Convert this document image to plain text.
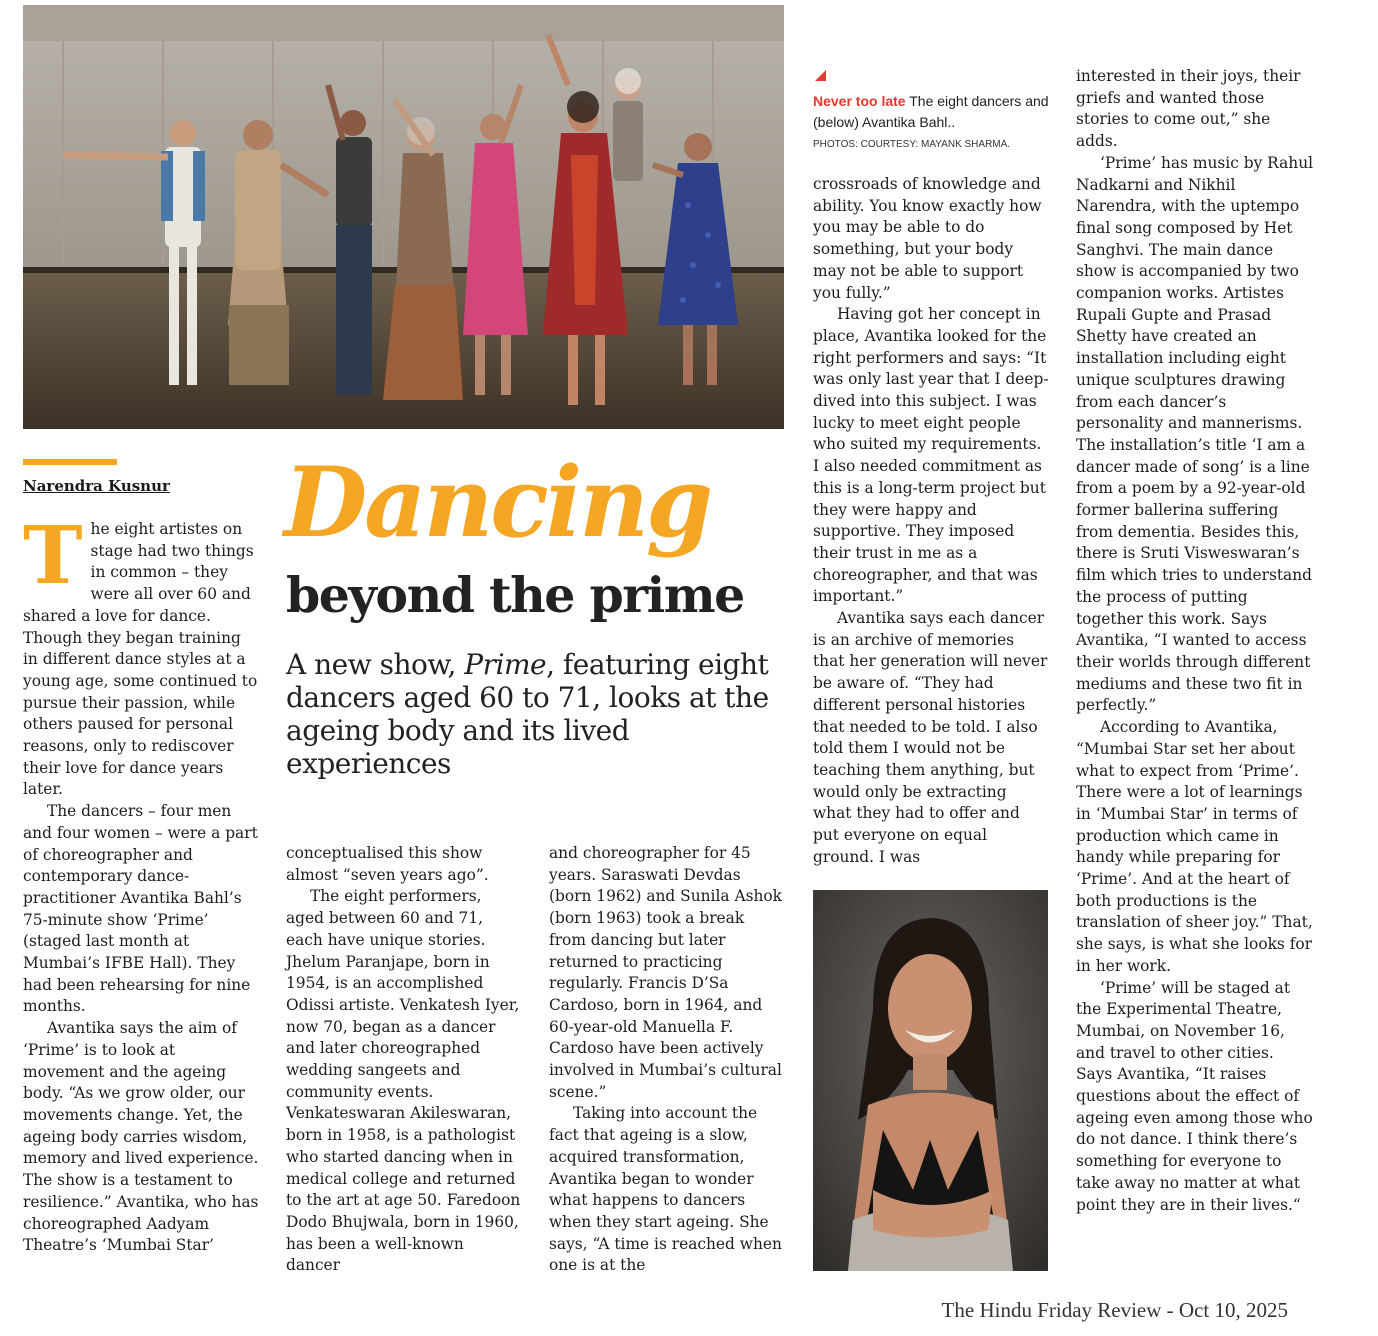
Never too late The eight dancers and (below) Avantika Bahl..
PHOTOS: COURTESY: MAYANK SHARMA.
Narendra Kusnur Dancing
beyond the prime
A new show, Prime, featuring eight dancers aged 60 to 71, looks at the ageing body and its lived experiences

The eight artistes on stage had two things in common – they were all over 60 and shared a love for dance. Though they began training in different dance styles at a young age, some continued to pursue their passion, while others paused for personal reasons, only to rediscover their love for dance years later.

The dancers – four men and four women – were a part of choreographer and contemporary dance-practitioner Avantika Bahl’s 75-minute show ‘Prime’ (staged last month at Mumbai’s IFBE Hall). They had been rehearsing for nine months.

Avantika says the aim of ‘Prime’ is to look at movement and the ageing body. “As we grow older, our movements change. Yet, the ageing body carries wisdom, memory and lived experience. The show is a testament to resilience.” Avantika, who has choreographed Aadyam Theatre’s ‘Mumbai Star’

conceptualised this show almost “seven years ago”.

The eight performers, aged between 60 and 71, each have unique stories. Jhelum Paranjape, born in 1954, is an accomplished Odissi artiste. Venkatesh Iyer, now 70, began as a dancer and later choreographed wedding sangeets and community events. Venkateswaran Akileswaran, born in 1958, is a pathologist who started dancing when in medical college and returned to the art at age 50. Faredoon Dodo Bhujwala, born in 1960, has been a well-known dancer

and choreographer for 45 years. Saraswati Devdas (born 1962) and Sunila Ashok (born 1963) took a break from dancing but later returned to practicing regularly. Francis D’Sa Cardoso, born in 1964, and 60-year-old Manuella F. Cardoso have been actively involved in Mumbai’s cultural scene.”

Taking into account the fact that ageing is a slow, acquired transformation, Avantika began to wonder what happens to dancers when they start ageing. She says, “A time is reached when one is at the

crossroads of knowledge and ability. You know exactly how you may be able to do something, but your body may not be able to support you fully.”

Having got her concept in place, Avantika looked for the right performers and says: “It was only last year that I deep-dived into this subject. I was lucky to meet eight people who suited my requirements. I also needed commitment as this is a long-term project but they were happy and supportive. They imposed their trust in me as a choreographer, and that was important.”

Avantika says each dancer is an archive of memories that her generation will never be aware of. “They had different personal histories that needed to be told. I also told them I would not be teaching them anything, but would only be extracting what they had to offer and put everyone on equal ground. I was

interested in their joys, their griefs and wanted those stories to come out,” she adds.

‘Prime’ has music by Rahul Nadkarni and Nikhil Narendra, with the uptempo final song composed by Het Sanghvi. The main dance show is accompanied by two companion works. Artistes Rupali Gupte and Prasad Shetty have created an installation including eight unique sculptures drawing from each dancer’s personality and mannerisms. The installation’s title ‘I am a dancer made of song’ is a line from a poem by a 92-year-old former ballerina suffering from dementia. Besides this, there is Sruti Visweswaran’s film which tries to understand the process of putting together this work. Says Avantika, “I wanted to access their worlds through different mediums and these two fit in perfectly.”

According to Avantika, “Mumbai Star set her about what to expect from ‘Prime’. There were a lot of learnings in ‘Mumbai Star’ in terms of production which came in handy while preparing for ‘Prime’. And at the heart of both productions is the translation of sheer joy.” That, she says, is what she looks for in her work.

‘Prime’ will be staged at the Experimental Theatre, Mumbai, on November 16, and travel to other cities. Says Avantika, “It raises questions about the effect of ageing even among those who do not dance. I think there’s something for everyone to take away no matter at what point they are in their lives.“

The Hindu Friday Review - Oct 10, 2025
